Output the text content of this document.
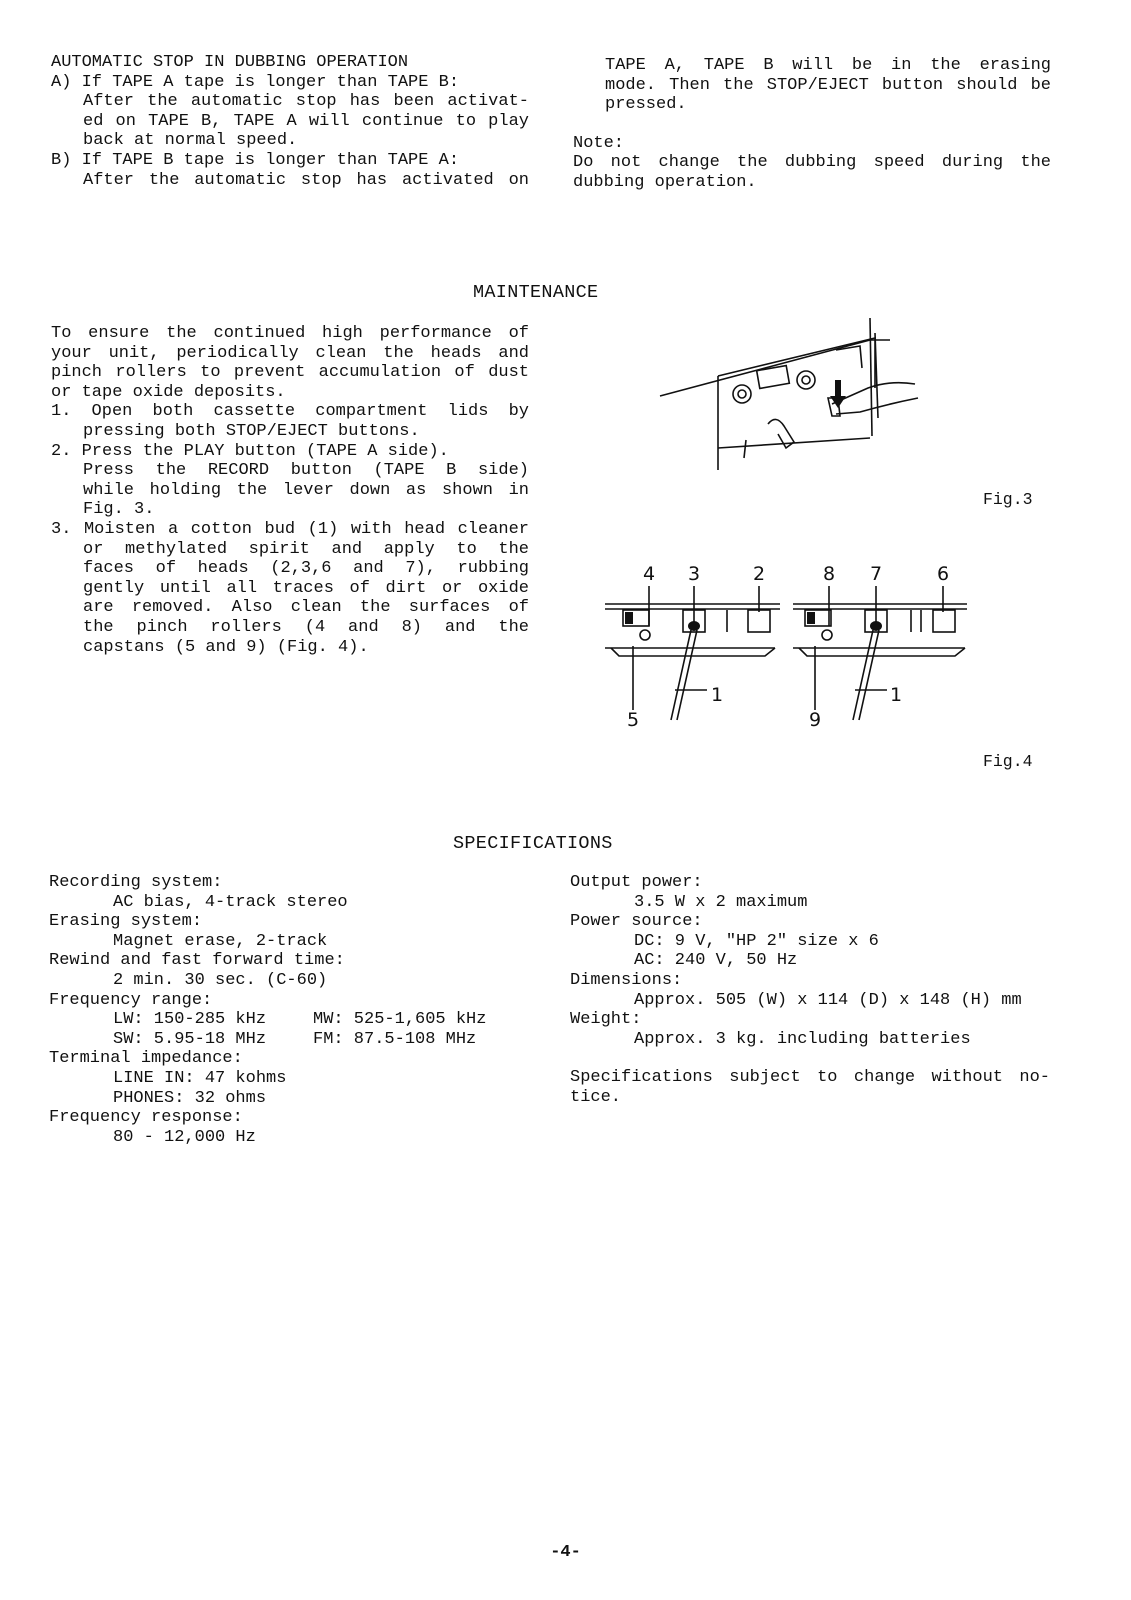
AUTOMATIC STOP IN DUBBING OPERATION
A) If TAPE A tape is longer than TAPE B:
After the automatic stop has been activat-
ed on TAPE B, TAPE A will continue to play
back at normal speed.
B) If TAPE B tape is longer than TAPE A:
After the automatic stop has activated on
TAPE A, TAPE B will be in the erasing
mode. Then the STOP/EJECT button should be
pressed.
Note:
Do not change the dubbing speed during the
dubbing operation.
MAINTENANCE
To ensure the continued high performance of
your unit, periodically clean the heads and
pinch rollers to prevent accumulation of dust
or tape oxide deposits.
1. Open both cassette compartment lids by
pressing both STOP/EJECT buttons.
2. Press the PLAY button (TAPE A side).
Press the RECORD button (TAPE B side)
while holding the lever down as shown in
Fig. 3.
3. Moisten a cotton bud (1) with head cleaner
or methylated spirit and apply to the
faces of heads (2,3,6 and 7), rubbing
gently until all traces of dirt or oxide
are removed. Also clean the surfaces of
the pinch rollers (4 and 8) and the
capstans (5 and 9) (Fig. 4).
Fig.3
4 3	2	8 7	6
5
1
9
1
Fig.4
SPECIFICATIONS
Recording system:
AC bias, 4-track stereo
Erasing system:
Magnet erase, 2-track
Rewind and fast forward time:
2 min. 30 sec. (C-60)
Frequency range:
LW: 150-285 kHz	MW: 525-1,605 kHz
SW: 5.95-18 MHz	FM: 87.5-108 MHz
Terminal impedance:
LINE IN: 47 kohms
PHONES: 32 ohms
Frequency response:
80 - 12,000 Hz
Output power:
3.5 W x 2 maximum
Power source:
DC: 9 V, "HP 2" size x 6
AC: 240 V, 50 Hz
Dimensions:
Approx. 505 (W) x 114 (D) x 148 (H) mm
Weight:
Approx. 3 kg. including batteries
Specifications subject to change without no-
tice.
-4-
